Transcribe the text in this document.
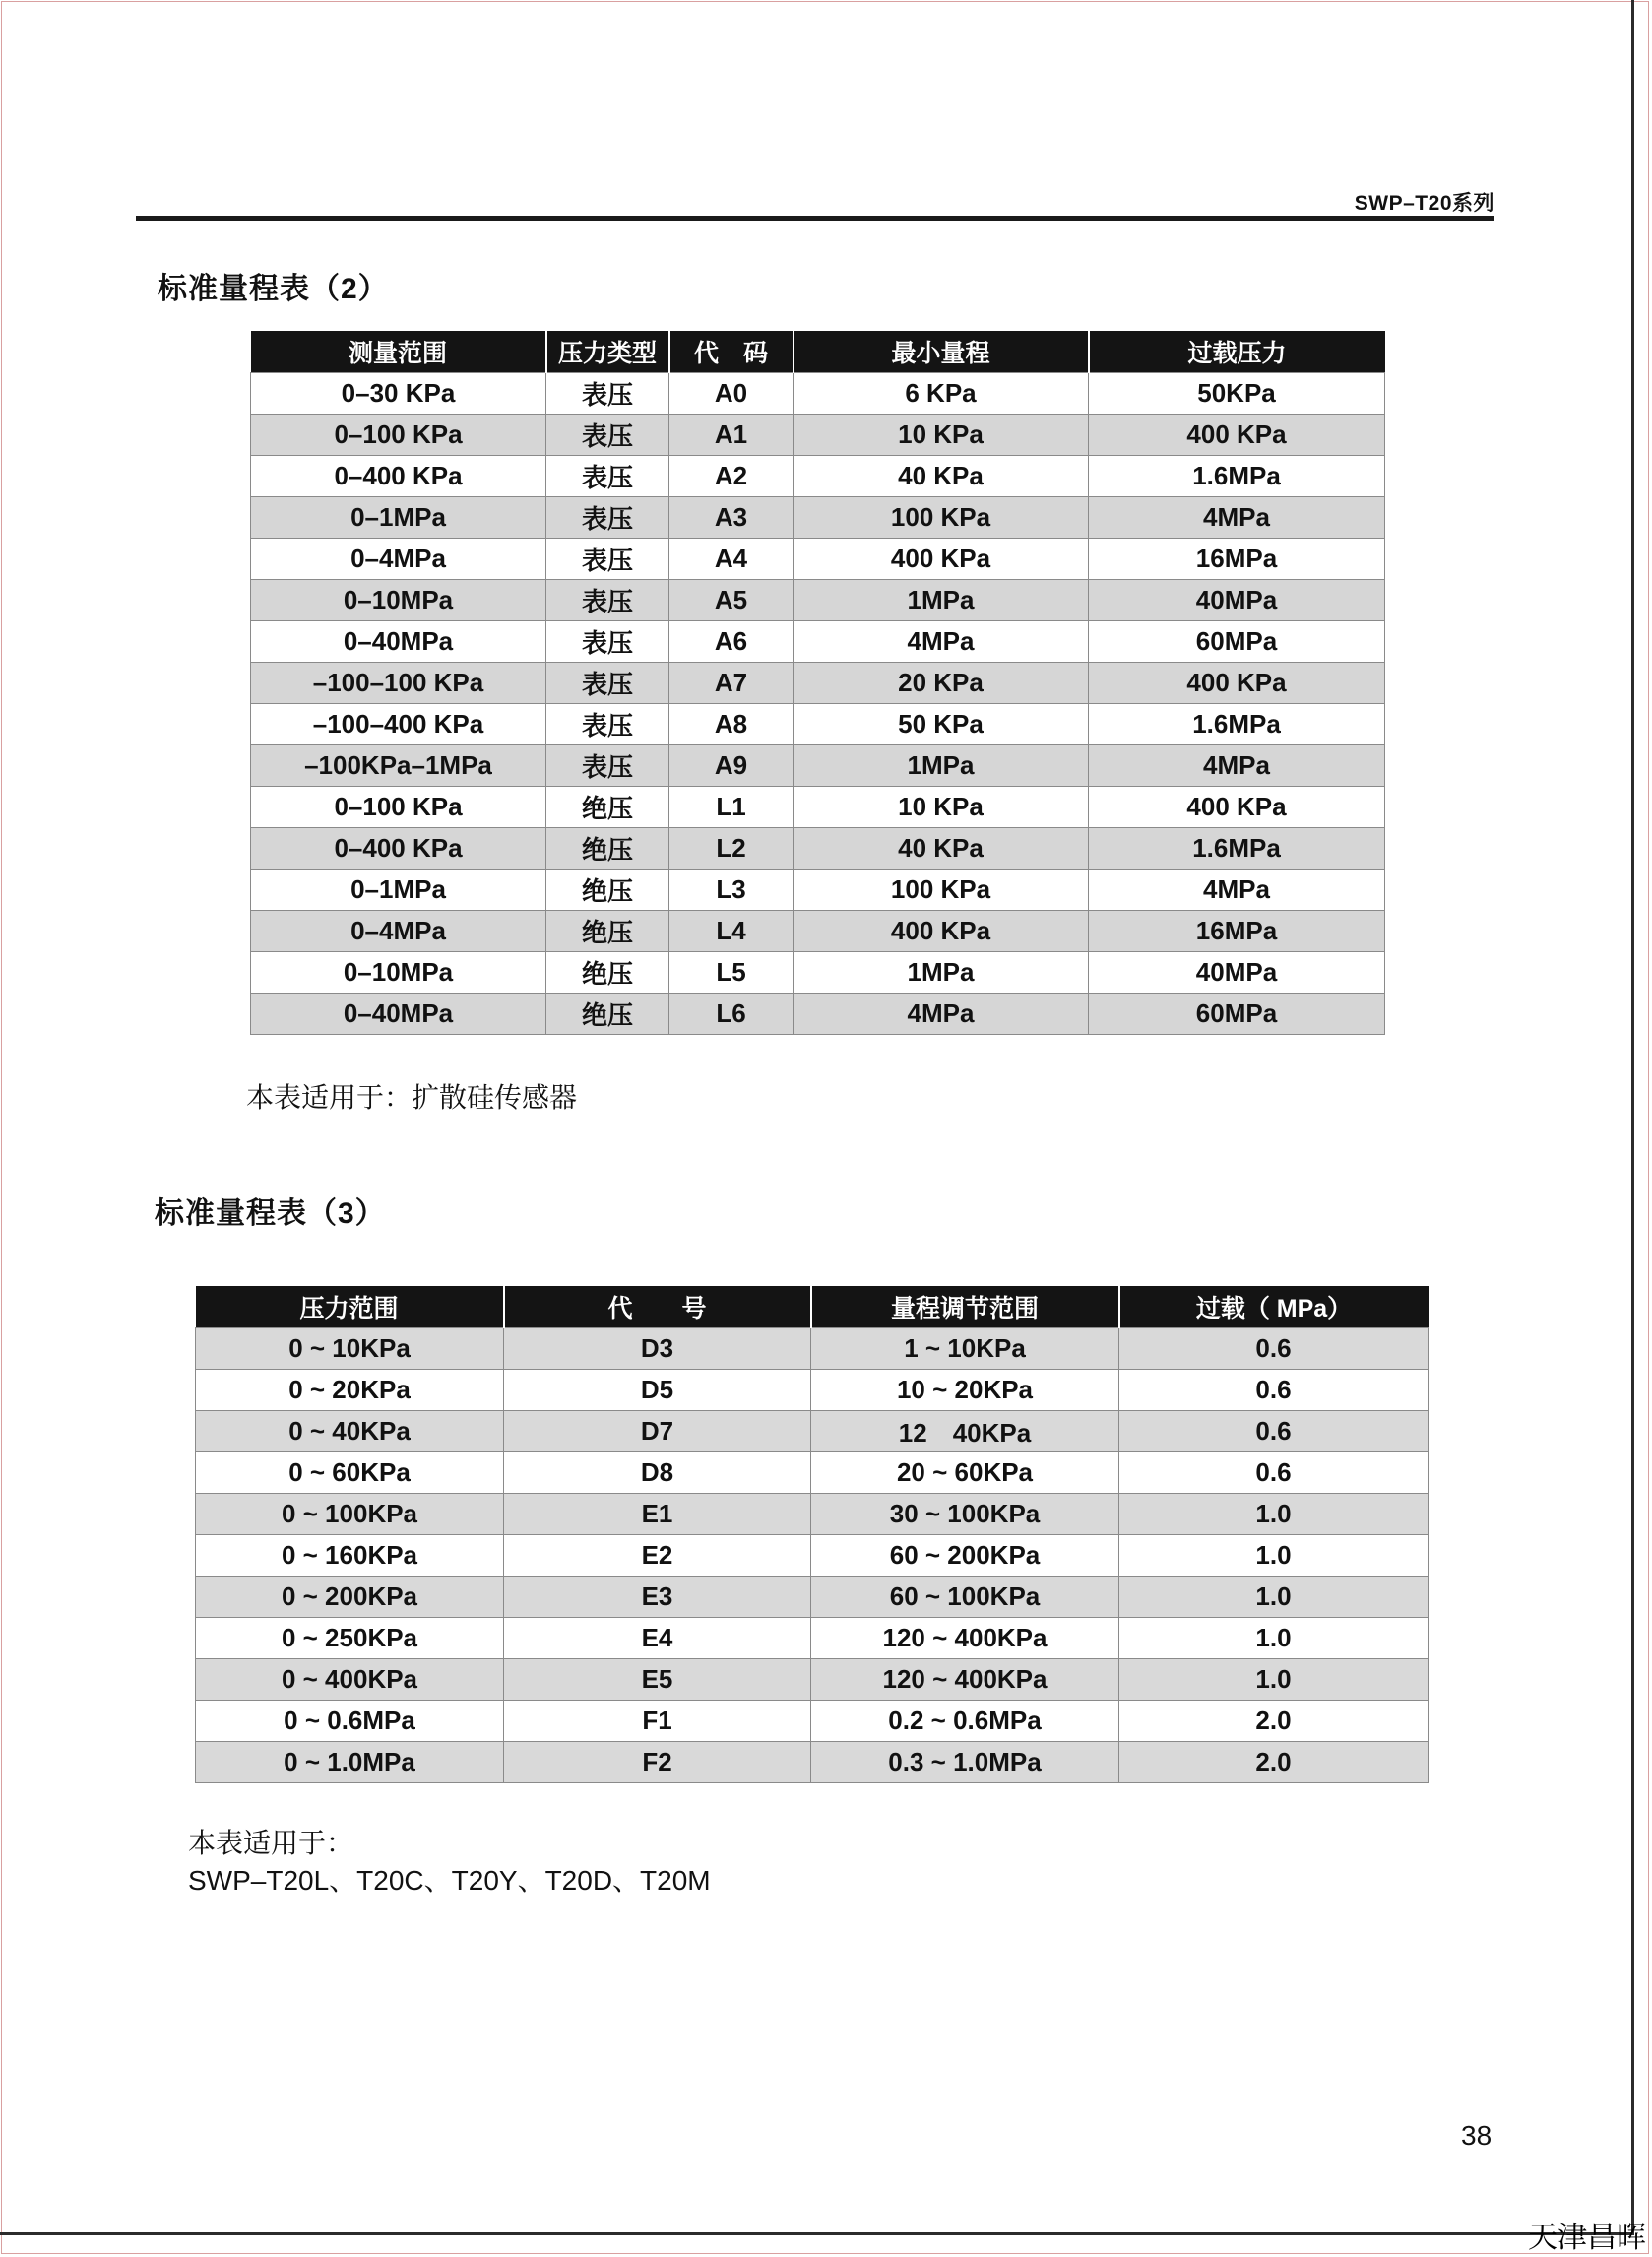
SWP–T20系列
标准量程表（2）
测量范围	压力类型	代　码	最小量程	过载压力
0–30 KPa	表压	A0	6 KPa	50KPa
0–100 KPa	表压	A1	10 KPa	400 KPa
0–400 KPa	表压	A2	40 KPa	1.6MPa
0–1MPa	表压	A3	100 KPa	4MPa
0–4MPa	表压	A4	400 KPa	16MPa
0–10MPa	表压	A5	1MPa	40MPa
0–40MPa	表压	A6	4MPa	60MPa
–100–100 KPa	表压	A7	20 KPa	400 KPa
–100–400 KPa	表压	A8	50 KPa	1.6MPa
–100KPa–1MPa	表压	A9	1MPa	4MPa
0–100 KPa	绝压	L1	10 KPa	400 KPa
0–400 KPa	绝压	L2	40 KPa	1.6MPa
0–1MPa	绝压	L3	100 KPa	4MPa
0–4MPa	绝压	L4	400 KPa	16MPa
0–10MPa	绝压	L5	1MPa	40MPa
0–40MPa	绝压	L6	4MPa	60MPa
本表适用于：扩散硅传感器
标准量程表（3）
压力范围	代　　号	量程调节范围	过载（ MPa）
0 ~ 10KPa	D3	1 ~ 10KPa	0.6
0 ~ 20KPa	D5	10 ~ 20KPa	0.6
0 ~ 40KPa	D7	12　40KPa	0.6
0 ~ 60KPa	D8	20 ~ 60KPa	0.6
0 ~ 100KPa	E1	30 ~ 100KPa	1.0
0 ~ 160KPa	E2	60 ~ 200KPa	1.0
0 ~ 200KPa	E3	60 ~ 100KPa	1.0
0 ~ 250KPa	E4	120 ~ 400KPa	1.0
0 ~ 400KPa	E5	120 ~ 400KPa	1.0
0 ~ 0.6MPa	F1	0.2 ~ 0.6MPa	2.0
0 ~ 1.0MPa	F2	0.3 ~ 1.0MPa	2.0
本表适用于：
SWP–T20L、T20C、T20Y、T20D、T20M
38
天津昌晖
